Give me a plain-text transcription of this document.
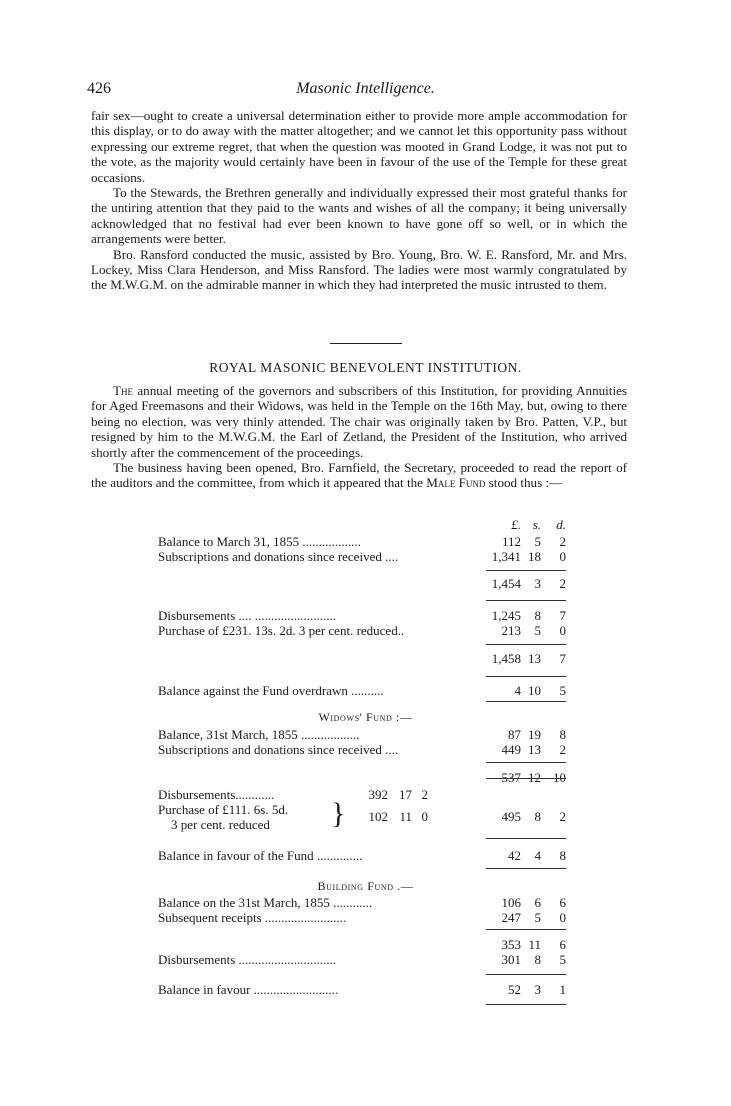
426	Masonic Intelligence.

fair sex—ought to create a universal determination either to provide more ample accommodation for this display, or to do away with the matter altogether; and we cannot let this opportunity pass without expressing our extreme regret, that when the question was mooted in Grand Lodge, it was not put to the vote, as the majority would certainly have been in favour of the use of the Temple for these great occasions.

To the Stewards, the Brethren generally and individually expressed their most grateful thanks for the untiring attention that they paid to the wants and wishes of all the company; it being universally acknowledged that no festival had ever been known to have gone off so well, or in which the arrangements were better.

Bro. Ransford conducted the music, assisted by Bro. Young, Bro. W. E. Ransford, Mr. and Mrs. Lockey, Miss Clara Henderson, and Miss Ransford. The ladies were most warmly congratulated by the M.W.G.M. on the admirable manner in which they had interpreted the music intrusted to them.

ROYAL MASONIC BENEVOLENT INSTITUTION.

The annual meeting of the governors and subscribers of this Institution, for providing Annuities for Aged Freemasons and their Widows, was held in the Temple on the 16th May, but, owing to there being no election, was very thinly attended. The chair was originally taken by Bro. Patten, V.P., but resigned by him to the M.W.G.M. the Earl of Zetland, the President of the Institution, who arrived shortly after the commencement of the proceedings.

The business having been opened, Bro. Farnfield, the Secretary, proceeded to read the report of the auditors and the committee, from which it appeared that the Male Fund stood thus :—

£. s.	d.
Balance to March 31, 1855 ..................	112	5	2
Subscriptions and donations since received ....	1,341 18	0
1,454	3	2
Disbursements .... .........................	1,245	8	7
Purchase of £231. 13s. 2d. 3 per cent. reduced..	213	5	0
1,458 13	7
Balance against the Fund overdrawn ..........	4 10	5
Widows' Fund :—
Balance, 31st March, 1855 ..................	87 19	8
Subscriptions and donations since received ....	449 13	2
537 12 10
Disbursements............	392 17 2
Purchase of £111. 6s. 5d.
3 per cent. reduced }	102 11 0	495	8	2
Balance in favour of the Fund ..............	42	4	8
Building Fund .—
Balance on the 31st March, 1855 ............	106	6	6
Subsequent receipts .........................	247	5	0
353 11	6
Disbursements ..............................	301	8	5
Balance in favour ..........................	52	3	1
